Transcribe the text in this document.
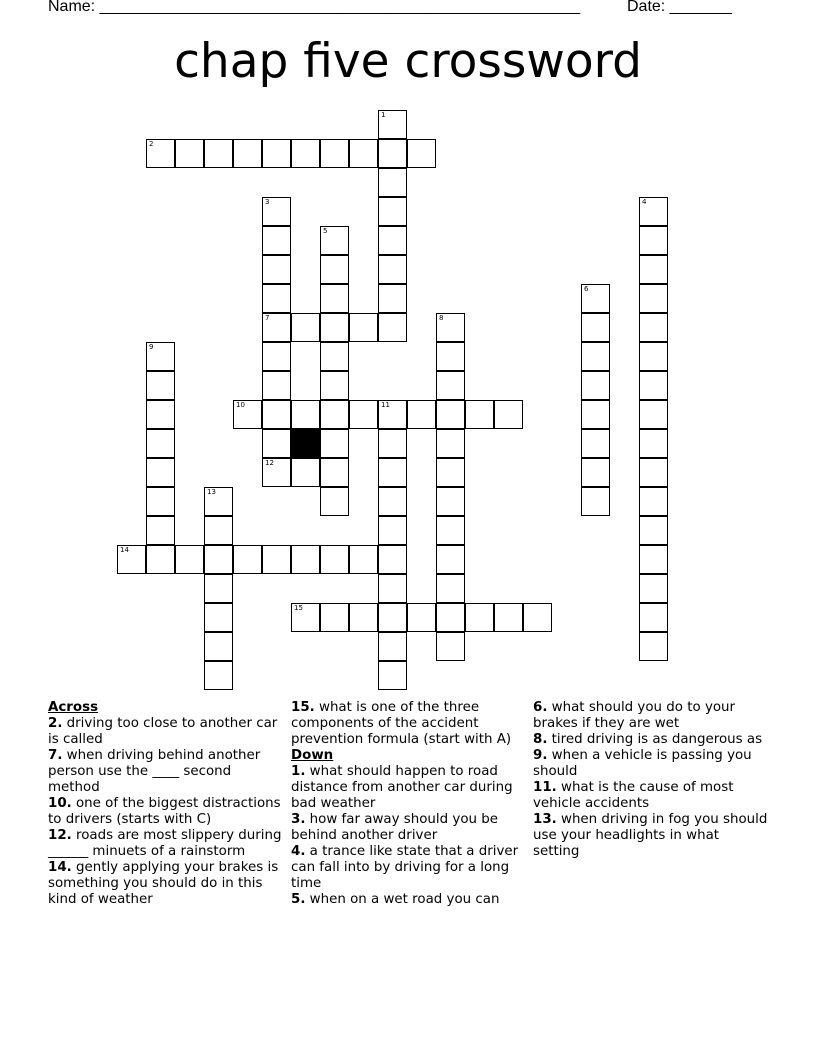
Name: ______________________________________________________	Date: _______
chap five crossword
1
2
3
7
12
4
5
6
8
9
10	11
13
14
15
Across
2. driving too close to another car is called
7. when driving behind another person use the ____ second method
10. one of the biggest distractions to drivers (starts with C)
12. roads are most slippery during ______ minuets of a rainstorm
14. gently applying your brakes is something you should do in this kind of weather
15. what is one of the three components of the accident prevention formula (start with A)
Down
1. what should happen to road distance from another car during bad weather
3. how far away should you be behind another driver
4. a trance like state that a driver can fall into by driving for a long time
5. when on a wet road you can
6. what should you do to your brakes if they are wet
8. tired driving is as dangerous as
9. when a vehicle is passing you should
11. what is the cause of most vehicle accidents
13. when driving in fog you should use your headlights in what setting
